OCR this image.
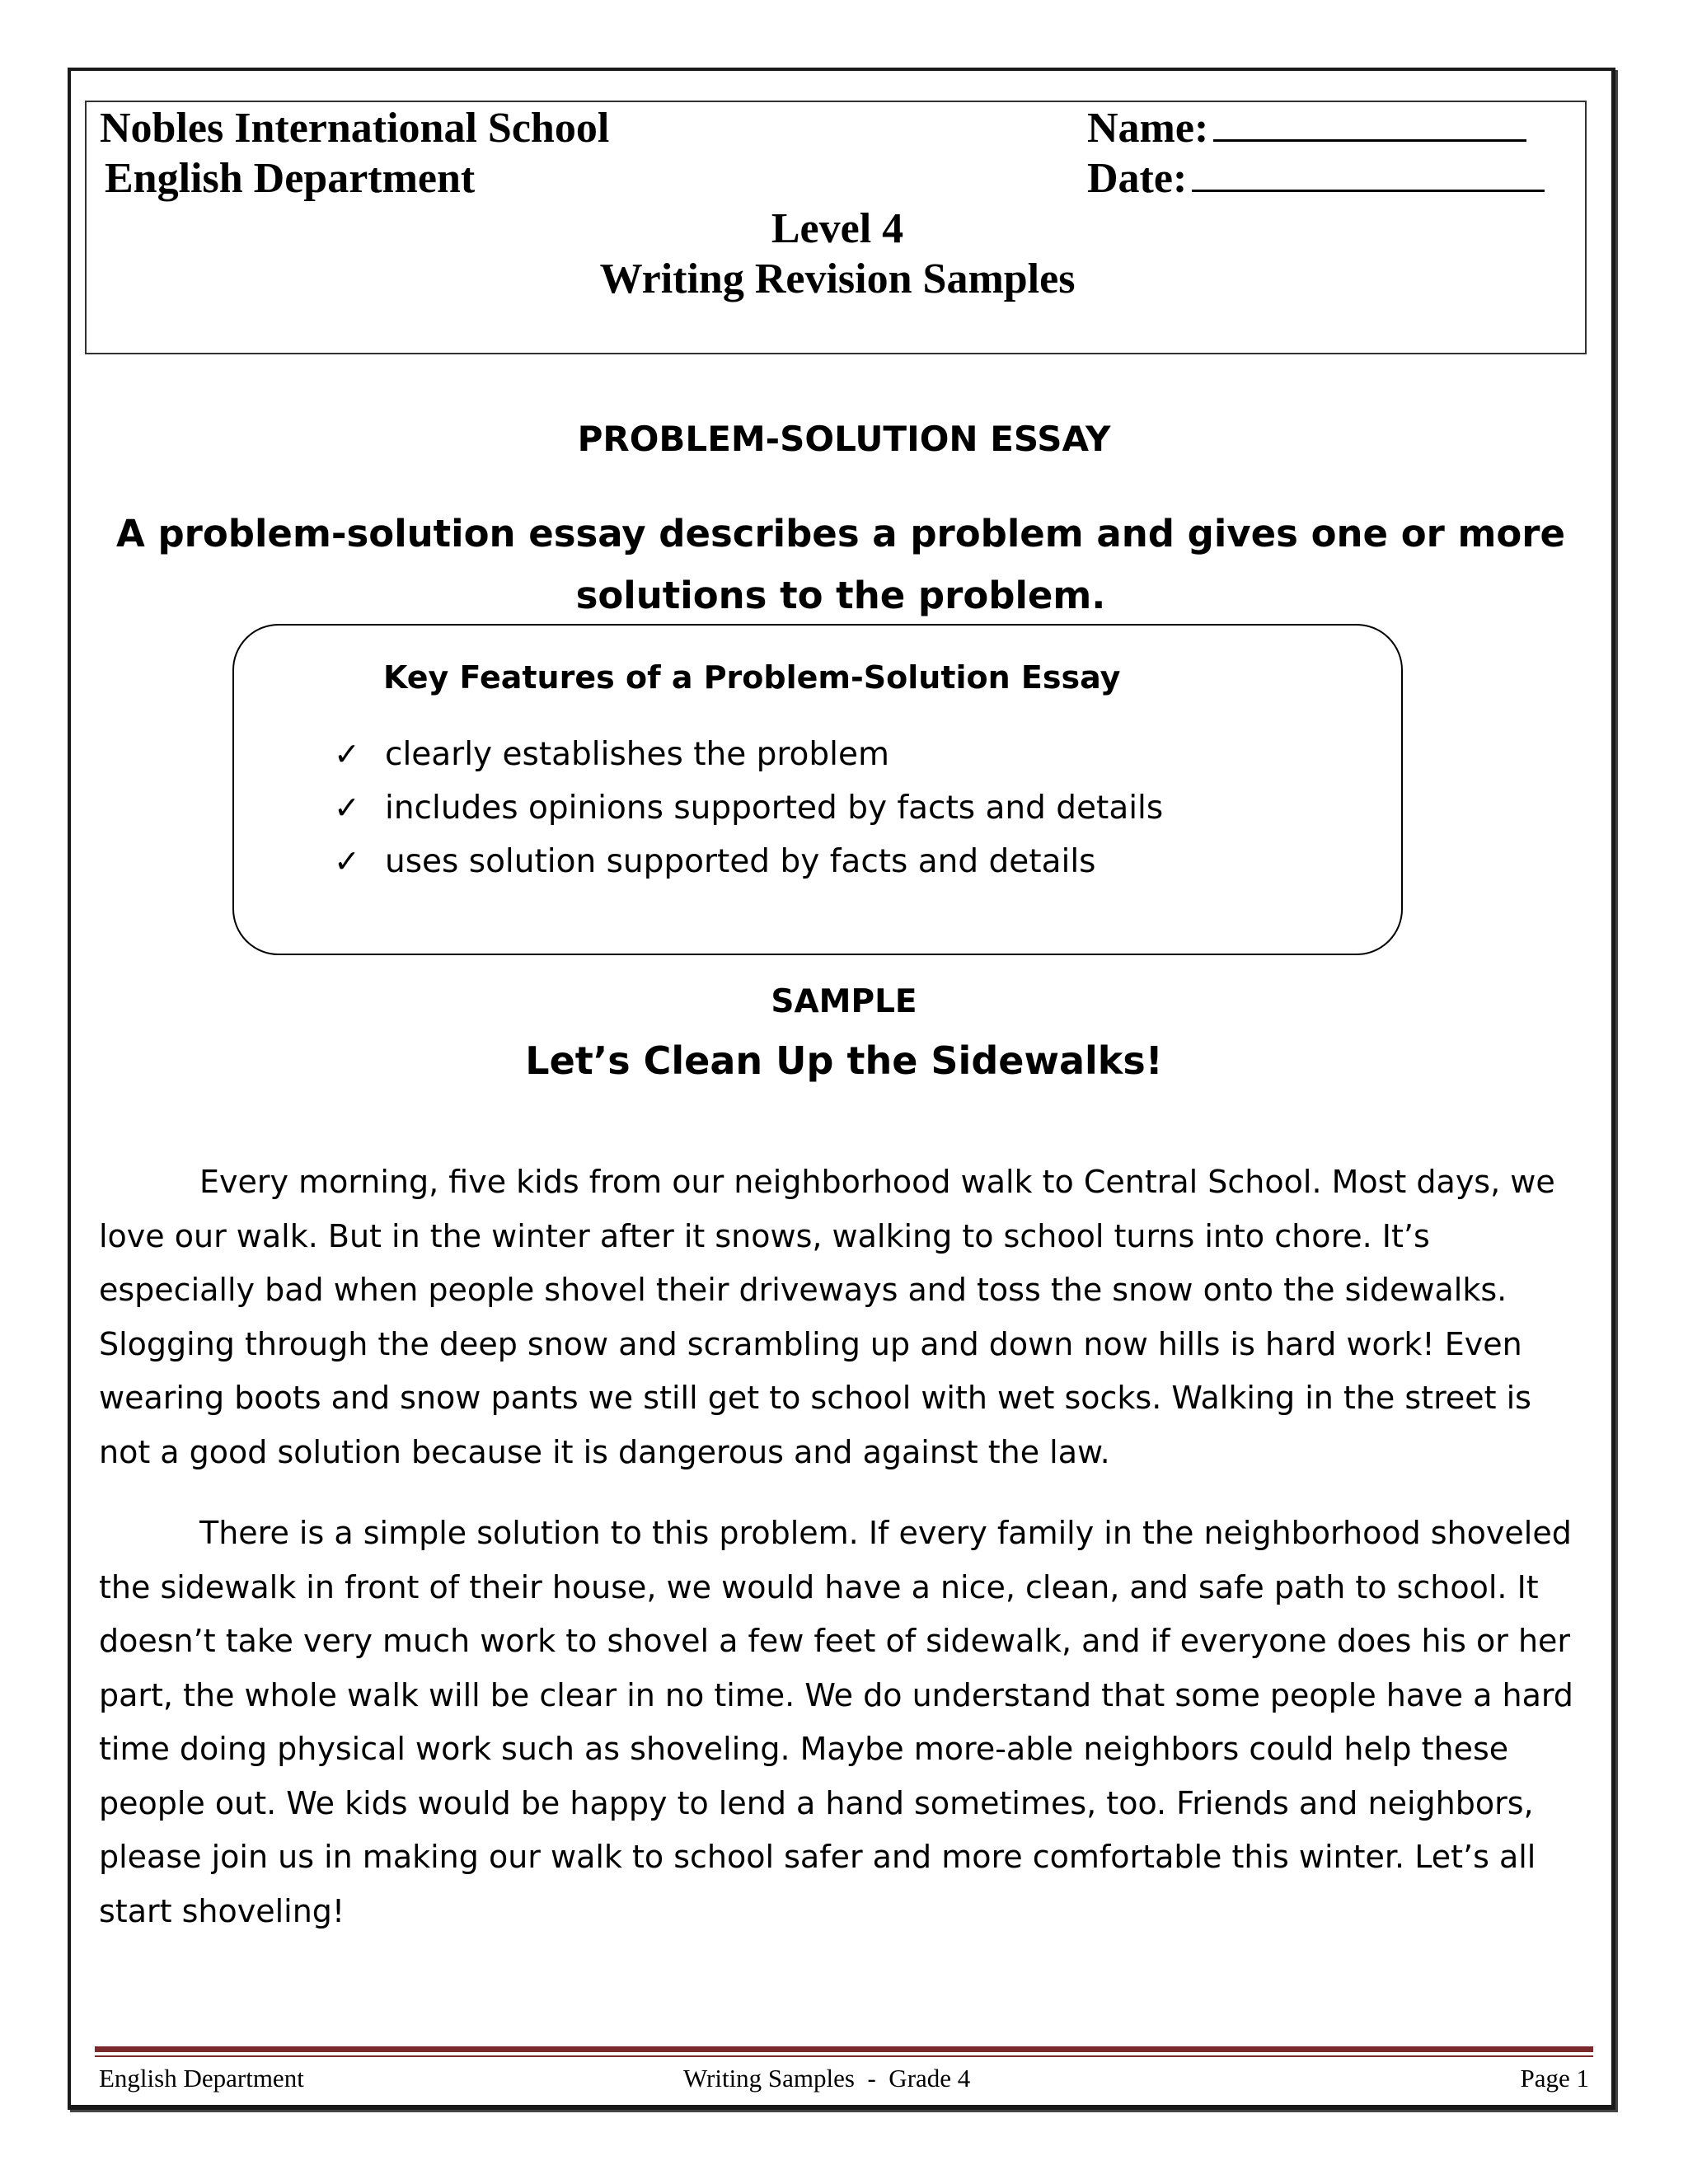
Nobles International School
English Department
Name:
Date:
Level 4
Writing Revision Samples
PROBLEM-SOLUTION ESSAY
A problem-solution essay describes a problem and gives one or more solutions to the problem.
Key Features of a Problem-Solution Essay
✓ clearly establishes the problem
✓ includes opinions supported by facts and details
✓ uses solution supported by facts and details
SAMPLE
Let’s Clean Up the Sidewalks!

Every morning, five kids from our neighborhood walk to Central School. Most days, we love our walk. But in the winter after it snows, walking to school turns into chore. It’s especially bad when people shovel their driveways and toss the snow onto the sidewalks. Slogging through the deep snow and scrambling up and down now hills is hard work! Even wearing boots and snow pants we still get to school with wet socks. Walking in the street is not a good solution because it is dangerous and against the law.

There is a simple solution to this problem. If every family in the neighborhood shoveled the sidewalk in front of their house, we would have a nice, clean, and safe path to school. It doesn’t take very much work to shovel a few feet of sidewalk, and if everyone does his or her part, the whole walk will be clear in no time. We do understand that some people have a hard time doing physical work such as shoveling. Maybe more-able neighbors could help these people out. We kids would be happy to lend a hand sometimes, too. Friends and neighbors, please join us in making our walk to school safer and more comfortable this winter. Let’s all start shoveling!

English Department	Writing Samples  -  Grade 4	Page 1
